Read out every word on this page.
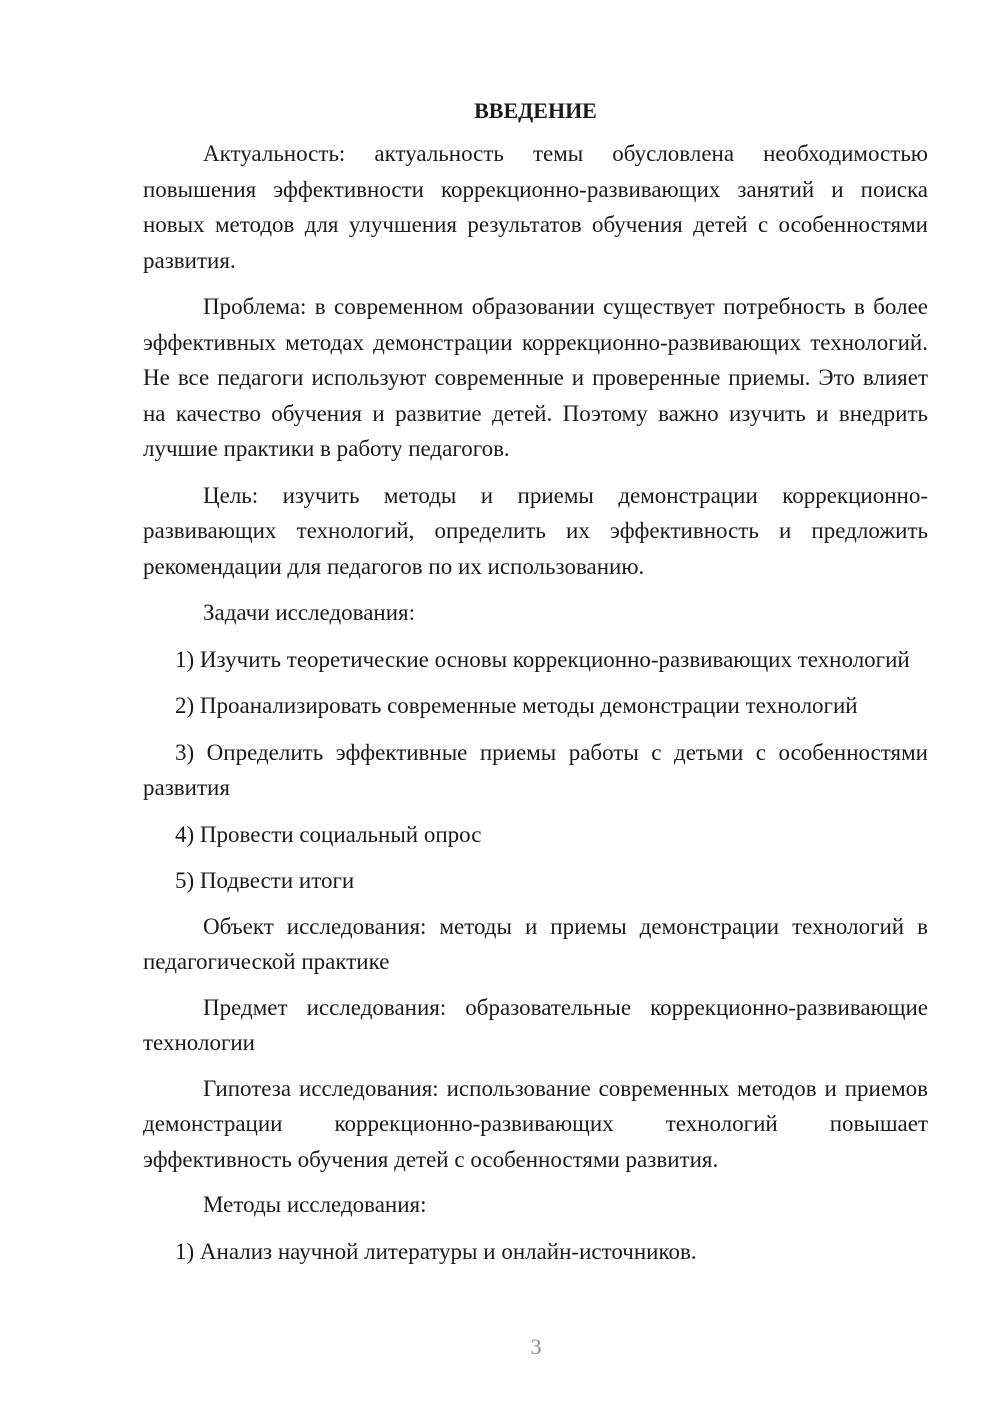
ВВЕДЕНИЕ

Актуальность: актуальность темы обусловлена необходимостью повышения эффективности коррекционно-развивающих занятий и поиска новых методов для улучшения результатов обучения детей с особенностями развития.

Проблема: в современном образовании существует потребность в более эффективных методах демонстрации коррекционно-развивающих технологий. Не все педагоги используют современные и проверенные приемы. Это влияет на качество обучения и развитие детей. Поэтому важно изучить и внедрить лучшие практики в работу педагогов.

Цель: изучить методы и приемы демонстрации коррекционно-развивающих технологий, определить их эффективность и предложить рекомендации для педагогов по их использованию.

Задачи исследования:

1) Изучить теоретические основы коррекционно-развивающих технологий

2) Проанализировать современные методы демонстрации технологий

3) Определить эффективные приемы работы с детьми с особенностями развития

4) Провести социальный опрос

5) Подвести итоги

Объект исследования: методы и приемы демонстрации технологий в педагогической практике

Предмет исследования: образовательные коррекционно-развивающие технологии

Гипотеза исследования: использование современных методов и приемов демонстрации коррекционно-развивающих технологий повышает эффективность обучения детей с особенностями развития.

Методы исследования:

1) Анализ научной литературы и онлайн-источников.

3
